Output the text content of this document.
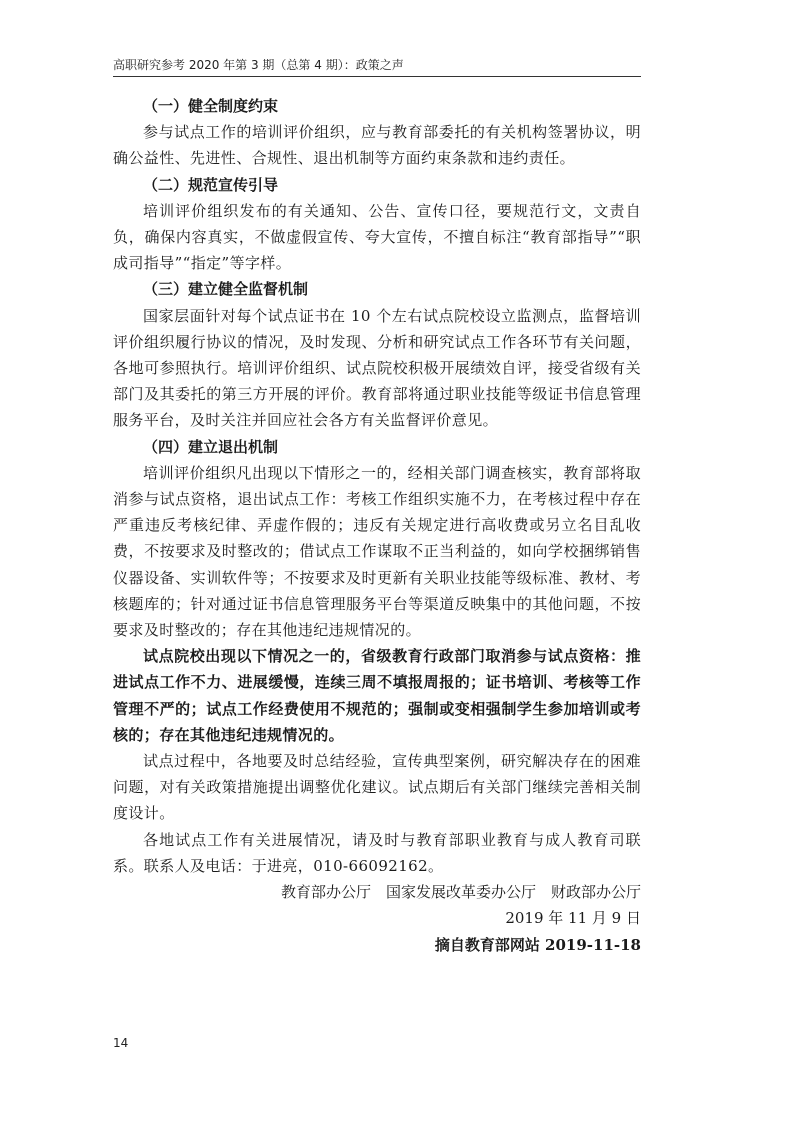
高职研究参考 2020 年第 3 期（总第 4 期）：政策之声

（一）健全制度约束

参与试点工作的培训评价组织，应与教育部委托的有关机构签署协议，明确公益性、先进性、合规性、退出机制等方面约束条款和违约责任。

（二）规范宣传引导

培训评价组织发布的有关通知、公告、宣传口径，要规范行文，文责自负，确保内容真实，不做虚假宣传、夸大宣传，不擅自标注“教育部指导”“职成司指导”“指定”等字样。

（三）建立健全监督机制

国家层面针对每个试点证书在 10 个左右试点院校设立监测点，监督培训评价组织履行协议的情况，及时发现、分析和研究试点工作各环节有关问题，各地可参照执行。培训评价组织、试点院校积极开展绩效自评，接受省级有关部门及其委托的第三方开展的评价。教育部将通过职业技能等级证书信息管理服务平台，及时关注并回应社会各方有关监督评价意见。

（四）建立退出机制

培训评价组织凡出现以下情形之一的，经相关部门调查核实，教育部将取消参与试点资格，退出试点工作：考核工作组织实施不力，在考核过程中存在严重违反考核纪律、弄虚作假的；违反有关规定进行高收费或另立名目乱收费，不按要求及时整改的；借试点工作谋取不正当利益的，如向学校捆绑销售仪器设备、实训软件等；不按要求及时更新有关职业技能等级标准、教材、考核题库的；针对通过证书信息管理服务平台等渠道反映集中的其他问题，不按要求及时整改的；存在其他违纪违规情况的。

试点院校出现以下情况之一的，省级教育行政部门取消参与试点资格：推进试点工作不力、进展缓慢，连续三周不填报周报的；证书培训、考核等工作管理不严的；试点工作经费使用不规范的；强制或变相强制学生参加培训或考核的；存在其他违纪违规情况的。

试点过程中，各地要及时总结经验，宣传典型案例，研究解决存在的困难问题，对有关政策措施提出调整优化建议。试点期后有关部门继续完善相关制度设计。

各地试点工作有关进展情况，请及时与教育部职业教育与成人教育司联系。联系人及电话：于进亮，010-66092162。

教育部办公厅　国家发展改革委办公厅　财政部办公厅

2019 年 11 月 9 日

摘自教育部网站 2019-11-18

14
